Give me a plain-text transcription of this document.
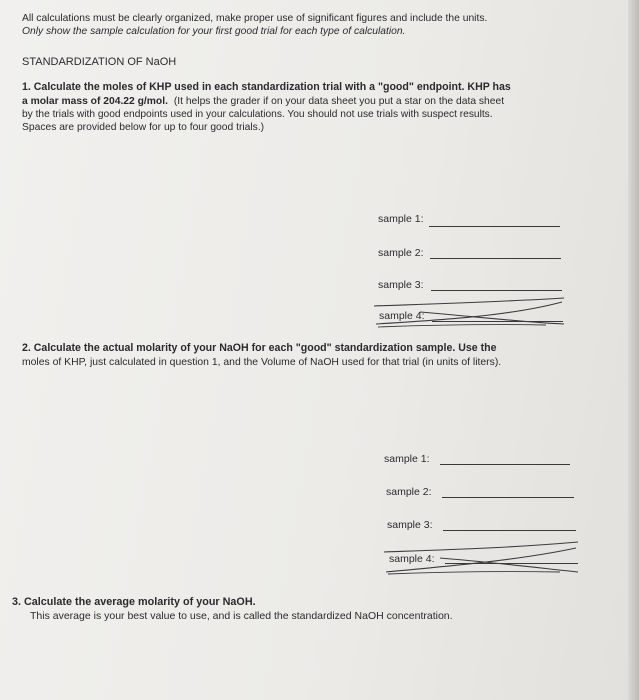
All calculations must be clearly organized, make proper use of significant figures and include the units.
Only show the sample calculation for your first good trial for each type of calculation.
STANDARDIZATION OF NaOH
1. Calculate the moles of KHP used in each standardization trial with a "good" endpoint. KHP has
a molar mass of 204.22 g/mol. (It helps the grader if on your data sheet you put a star on the data sheet
by the trials with good endpoints used in your calculations. You should not use trials with suspect results.
Spaces are provided below for up to four good trials.)
sample 1:
sample 2:
sample 3:
sample 4:
2. Calculate the actual molarity of your NaOH for each "good" standardization sample. Use the
moles of KHP, just calculated in question 1, and the Volume of NaOH used for that trial (in units of liters).
sample 1:
sample 2:
sample 3:
sample 4:
3. Calculate the average molarity of your NaOH.
This average is your best value to use, and is called the standardized NaOH concentration.
